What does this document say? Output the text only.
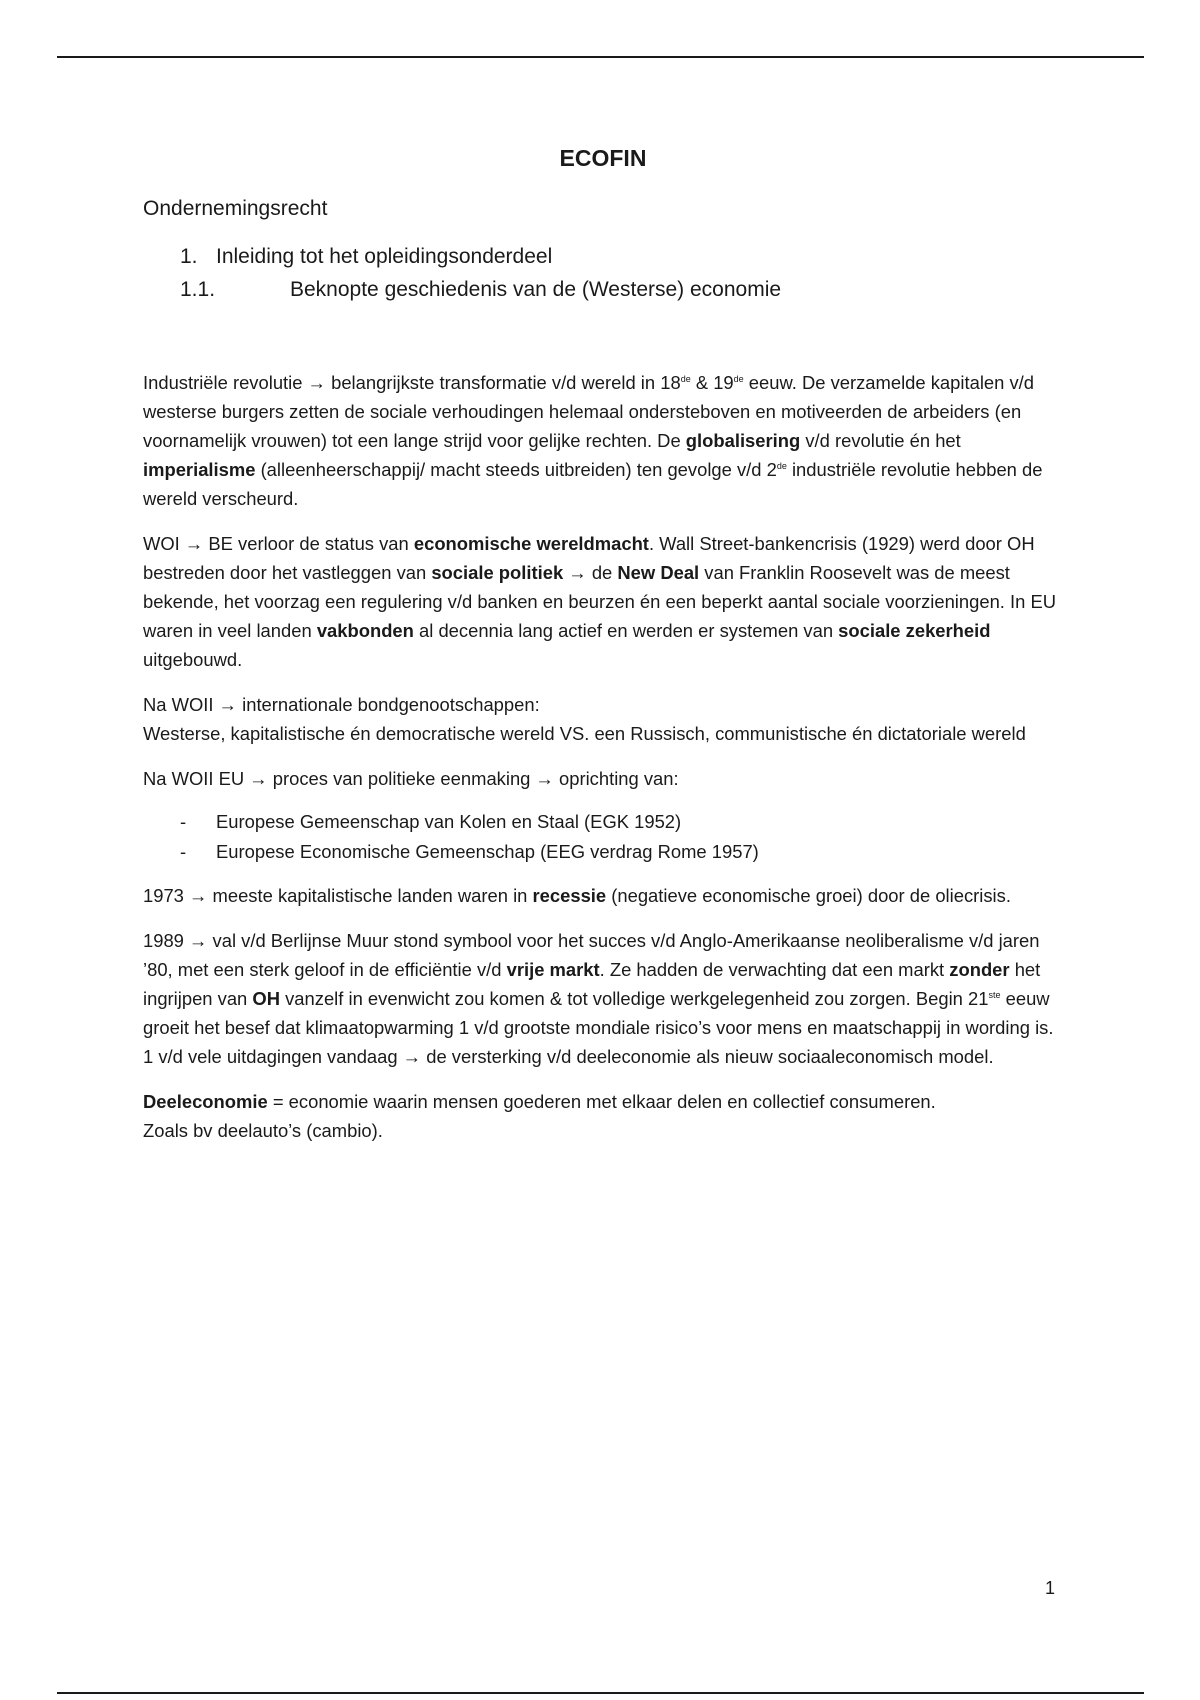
ECOFIN
Ondernemingsrecht
1. Inleiding tot het opleidingsonderdeel
1.1.	Beknopte geschiedenis van de (Westerse) economie

Industriële revolutie → belangrijkste transformatie v/d wereld in 18de & 19de eeuw. De verzamelde kapitalen v/d westerse burgers zetten de sociale verhoudingen helemaal ondersteboven en motiveerden de arbeiders (en voornamelijk vrouwen) tot een lange strijd voor gelijke rechten. De globalisering v/d revolutie én het imperialisme (alleenheerschappij/ macht steeds uitbreiden) ten gevolge v/d 2de industriële revolutie hebben de wereld verscheurd.

WOI → BE verloor de status van economische wereldmacht. Wall Street-bankencrisis (1929) werd door OH bestreden door het vastleggen van sociale politiek → de New Deal van Franklin Roosevelt was de meest bekende, het voorzag een regulering v/d banken en beurzen én een beperkt aantal sociale voorzieningen. In EU waren in veel landen vakbonden al decennia lang actief en werden er systemen van sociale zekerheid uitgebouwd.

Na WOII → internationale bondgenootschappen:
Westerse, kapitalistische én democratische wereld VS. een Russisch, communistische én dictatoriale wereld

Na WOII EU → proces van politieke eenmaking → oprichting van:

- Europese Gemeenschap van Kolen en Staal (EGK 1952)
- Europese Economische Gemeenschap (EEG verdrag Rome 1957)

1973 → meeste kapitalistische landen waren in recessie (negatieve economische groei) door de oliecrisis.

1989 → val v/d Berlijnse Muur stond symbool voor het succes v/d Anglo-Amerikaanse neoliberalisme v/d jaren ’80, met een sterk geloof in de efficiëntie v/d vrije markt. Ze hadden de verwachting dat een markt zonder het ingrijpen van OH vanzelf in evenwicht zou komen & tot volledige werkgelegenheid zou zorgen. Begin 21ste eeuw groeit het besef dat klimaatopwarming 1 v/d grootste mondiale risico’s voor mens en maatschappij in wording is. 1 v/d vele uitdagingen vandaag → de versterking v/d deeleconomie als nieuw sociaaleconomisch model.

Deeleconomie = economie waarin mensen goederen met elkaar delen en collectief consumeren.
Zoals bv deelauto’s (cambio).

1
